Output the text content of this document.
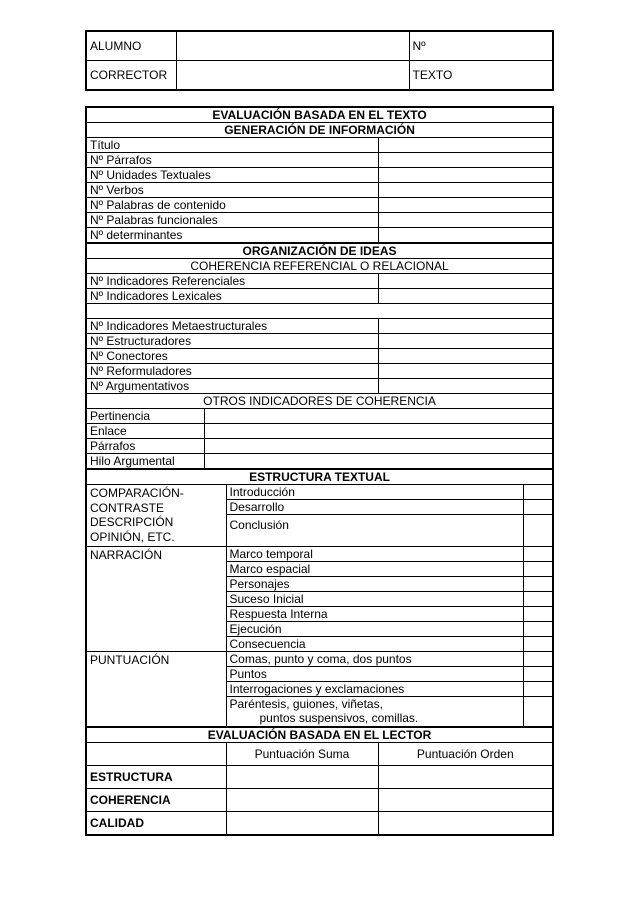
ALUMNO		Nº
CORRECTOR		TEXTO
EVALUACIÓN BASADA EN EL TEXTO				
GENERACIÓN DE INFORMACIÓN				
Título				
Nº Párrafos				
Nº Unidades Textuales				
Nº Verbos				
Nº Palabras de contenido				
Nº Palabras funcionales				
Nº determinantes				
ORGANIZACIÓN DE IDEAS				
COHERENCIA REFERENCIAL O RELACIONAL				
Nº Indicadores Referenciales				
Nº Indicadores Lexicales				

Nº Indicadores Metaestructurales				
Nº Estructuradores				
Nº Conectores				
Nº Reformuladores				
Nº Argumentativos				
OTROS INDICADORES DE COHERENCIA				
Pertinencia				
Enlace				
Párrafos				
Hilo Argumental				
ESTRUCTURA TEXTUAL				

COMPARACIÓN-
CONTRASTE
DESCRIPCIÓN
OPINIÓN, ETC.		Introducción		
		Desarrollo		
		Conclusión		
NARRACIÓN		Marco temporal		
		Marco espacial		
		Personajes		
		Suceso Inicial		
		Respuesta Interna		
		Ejecución		
		Consecuencia		
PUNTUACIÓN		Comas, punto y coma, dos puntos		
		Puntos		
		Interrogaciones y exclamaciones		

		Paréntesis, guiones, viñetas,
puntos suspensivos, comillas.		

EVALUACIÓN BASADA EN EL LECTOR				
		Puntuación Suma	Puntuación Orden	
ESTRUCTURA				
COHERENCIA				
CALIDAD				
